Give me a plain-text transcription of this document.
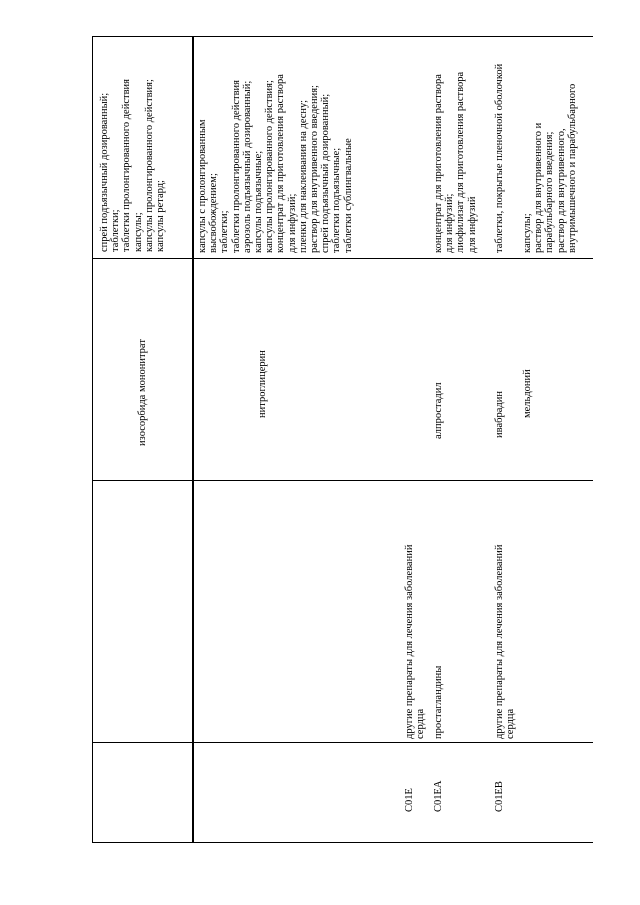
спрей подъязычный дозированный; таблетки; таблетки пролонгированного действия капсулы; капсулы пролонгированного действия; капсулы ретард;
изосорбида мононитрат	нитроглицерин
капсулы с пролонгированным высвобождением; таблетки; таблетки пролонгированного действия аэрозоль подъязычный дозированный; капсулы подъязычные; капсулы пролонгированного действия; концентрат для приготовления раствора для инфузий; пленки для наклеивания на десну; раствор для внутривенного введения; спрей подъязычный дозированный; таблетки подъязычные; таблетки сублингвальные
C01E
другие препараты для лечения заболеваний сердца
C01EA
простагландины
алпростадил
концентрат для приготовления раствора для инфузий; лиофилизат для приготовления раствора для инфузий
C01EB
другие препараты для лечения заболеваний сердца
ивабрадин
таблетки, покрытые пленочной оболочкой
мельдоний
капсулы; раствор для внутривенного и парабульбарного введения; раствор для внутривенного, внутримышечного и парабульбарного
